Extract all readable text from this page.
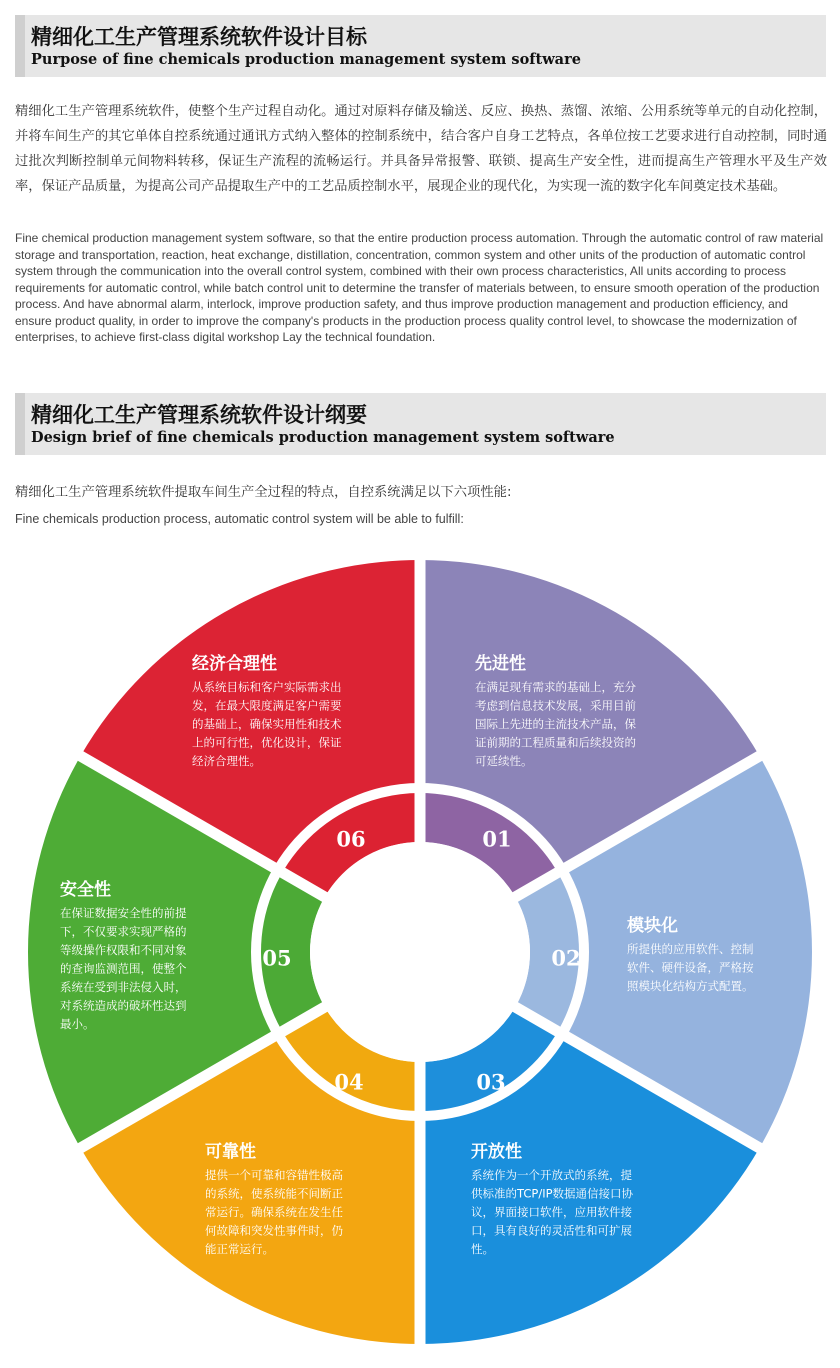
精细化工生产管理系统软件设计目标
Purpose of fine chemicals production management system software

精细化工生产管理系统软件，使整个生产过程自动化。通过对原料存储及输送、反应、换热、蒸馏、浓缩、公用系统等单元的自动化控制，并将车间生产的其它单体自控系统通过通讯方式纳入整体的控制系统中，结合客户自身工艺特点，各单位按工艺要求进行自动控制，同时通过批次判断控制单元间物料转移，保证生产流程的流畅运行。并具备异常报警、联锁、提高生产安全性，进而提高生产管理水平及生产效率，保证产品质量，为提高公司产品提取生产中的工艺品质控制水平，展现企业的现代化，为实现一流的数字化车间奠定技术基础。

Fine chemical production management system software, so that the entire production process automation. Through the automatic control of raw material storage and transportation, reaction, heat exchange, distillation, concentration, common system and other units of the production of automatic control system through the communication into the overall control system, combined with their own process characteristics, All units according to process requirements for automatic control, while batch control unit to determine the transfer of materials between, to ensure smooth operation of the production process. And have abnormal alarm, interlock, improve production safety, and thus improve production management and production efficiency, and ensure product quality, in order to improve the company's products in the production process quality control level, to showcase the modernization of enterprises, to achieve first-class digital workshop Lay the technical foundation.

精细化工生产管理系统软件设计纲要
Design brief of fine chemicals production management system software

精细化工生产管理系统软件提取车间生产全过程的特点，自控系统满足以下六项性能:

Fine chemicals production process, automatic control system will be able to fulfill:

01
先进性
在满足现有需求的基础上，充分
考虑到信息技术发展，采用目前
国际上先进的主流技术产品，保
证前期的工程质量和后续投资的
可延续性。
02
模块化
所提供的应用软件、控制
软件、硬件设备，严格按
照模块化结构方式配置。
03
开放性
系统作为一个开放式的系统，提
供标准的TCP/IP数据通信接口协
议，界面接口软件，应用软件接
口，具有良好的灵活性和可扩展
性。
04
可靠性
提供一个可靠和容错性极高
的系统，使系统能不间断正
常运行。确保系统在发生任
何故障和突发性事件时，仍
能正常运行。
05
安全性
在保证数据安全性的前提
下，不仅要求实现严格的
等级操作权限和不同对象
的查询监测范围，使整个
系统在受到非法侵入时，
对系统造成的破坏性达到
最小。
06
经济合理性
从系统目标和客户实际需求出
发，在最大限度满足客户需要
的基础上，确保实用性和技术
上的可行性，优化设计，保证
经济合理性。
